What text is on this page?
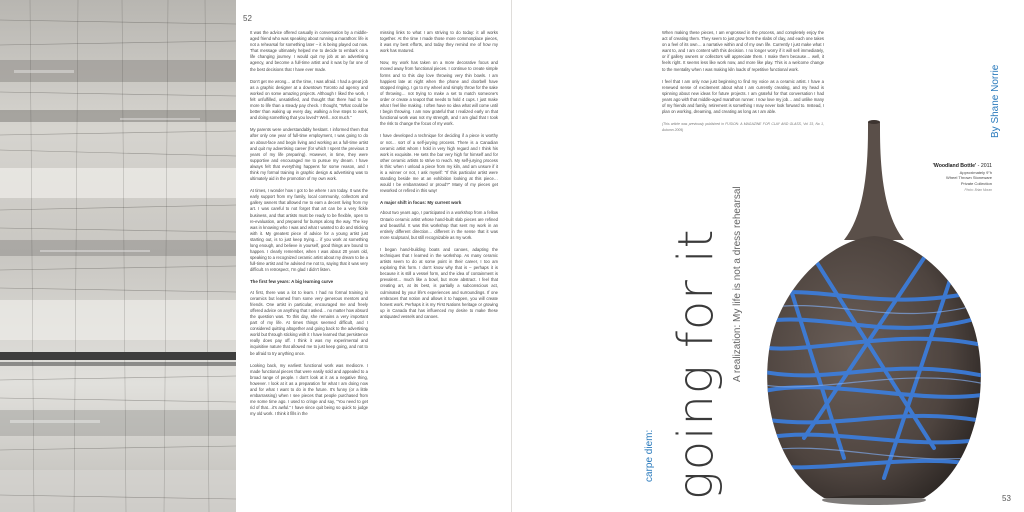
52

It was the advice offered casually in conversation by a middle-aged friend who was speaking about running a marathon: life is not a rehearsal for something later – it is being played out now. That message ultimately helped me to decide to embark on a life changing journey. I would quit my job at an advertising agency, and become a full-time artist and it was by far one of the best decisions that I have ever made.

Don't get me wrong… at the time, I was afraid. I had a great job as a graphic designer at a downtown Toronto ad agency and worked on some amazing projects. Although I liked the work, I felt unfulfilled, unsatisfied, and thought that there had to be more to life than a steady pay check. I thought, "What could be better than waking up every day, walking a few steps to work, and doing something that you loved? Well…not much."

My parents were understandably hesitant. I informed them that after only one year of full-time employment, I was going to do an about-face and begin living and working as a full-time artist and quit my advertising career (for which I spent the previous 3 years of my life preparing). However, in time, they were supportive and encouraged me to pursue my dream. I have always felt that everything happens for some reason, and I think my formal training in graphic design & advertising was to ultimately aid in the promotion of my own work.

At times, I wonder how I got to be where I am today. It was the early support from my family, local community, collectors and gallery owners that allowed me to earn a decent living from my art. I was careful to not forget that art can be a very fickle business, and that artists must be ready to be flexible, open to re-evaluation, and prepared for bumps along the way. The key was in knowing who I was and what I wanted to do and sticking with it. My greatest piece of advice for a young artist just starting out, is to just keep trying… if you work at something long enough, and believe in yourself, good things are bound to happen. I clearly remember, when I was about 20 years old, speaking to a recognized ceramic artist about my dream to be a full-time artist and he advised me not to, saying that it was very difficult. In retrospect, I'm glad I didn't listen.

The first few years: A big learning curve

At first, there was a lot to learn. I had no formal training in ceramics but learned from some very generous mentors and friends. One artist in particular, encouraged me and freely offered advice on anything that I asked… no matter how absurd the question was. To this day, she remains a very important part of my life. At times things seemed difficult, and I considered quitting altogether and going back to the advertising world but through sticking with it I have learned that persistence really does pay off. I think it was my experimental and inquisitive nature that allowed me to just keep going, and not to be afraid to try anything once.

Looking back, my earliest functional work was mediocre. I made functional pieces that were easily sold and appealed to a broad range of people. I don't look at it as a negative thing, however. I look at it as a preparation for what I am doing now and for what I want to do in the future. It's funny (or a little embarrassing) when I see pieces that people purchased from me some time ago. I used to cringe and say, "You need to get rid of that…it's awful." I have since quit being so quick to judge my old work. I think it fills in the

missing links to what I am striving to do today: it all works together. At the time I made those more commonplace pieces, it was my best efforts, and today they remind me of how my work has matured.

Now, my work has taken on a more decorative focus and moved away from functional pieces. I continue to create simple forms and to this day love throwing very thin bowls. I am happiest late at night when the phone and doorbell have stopped ringing. I go to my wheel and simply throw for the sake of throwing… not trying to make a set to match someone's order or create a teapot that needs to hold 4 cups. I just make what I feel like making. I often have no idea what will come until I begin throwing. I am now grateful that I realized early on that functional work was not my strength, and I am glad that I took the risk to change the focus of my work.

I have developed a technique for deciding if a piece is worthy or not… sort of a self-jurying process. There is a Canadian ceramic artist whom I hold in very high regard and I think his work is exquisite. He sets the bar very high for himself and for other ceramic artists to strive to reach. My self-jurying process is this: when I unload a piece from my kiln, and am unsure if it is a winner or not, I ask myself: "If this particular artist were standing beside me at an exhibition looking at this piece… would I be embarrassed or proud?" Many of my pieces get reworked or refired in this way!

A major shift in focus: My current work

About two years ago, I participated in a workshop from a fellow Ontario ceramic artist whose hand-built slab pieces are refined and beautiful. It was this workshop that sent my work in an entirely different direction… different in the sense that it was more sculptural, but still recognizable as my work.

I began hand-building boats and canoes, adapting the techniques that I learned in the workshop. As many ceramic artists seem to do at some point in their career, I too am exploring this form. I don't know why that is – perhaps it is because it is still a vessel form, and the idea of containment is prevalent… much like a bowl, but more abstract. I feel that creating art, at its best, is partially a subconscious act, culminated by your life's experiences and surroundings. If one embraces that notion and allows it to happen, you will create honest work. Perhaps it is my First Nations heritage or growing up in Canada that has influenced my desire to make these antiquated vessels and canoes.

When making these pieces, I am engrossed in the process, and completely enjoy the act of creating them. They seem to just grow from the slabs of clay, and each one takes on a feel of its own… a narrative within and of my own life. Currently I just make what I want to, and I am content with this decision. I no longer worry if it will sell immediately, or if gallery owners or collectors will appreciate them. I make them because… well, it feels right. It seems less like work now, and more like play. This is a welcome change to the mentality when I was making kiln loads of repetitive functional work.

I feel that I am only now just beginning to find my voice as a ceramic artist. I have a renewed sense of excitement about what I am currently creating, and my head is spinning about new ideas for future projects. I am grateful for that conversation I had years ago with that middle-aged marathon runner. I now love my job… and unlike many of my friends and family, retirement is something I may never look forward to. Instead, I plan on working, dreaming, and creating as long as I am able.

(This article was previously published in FUSION: A MAGAZINE FOR CLAY AND GLASS, Vol 33, No 1, Autumn 2009)

53
By Shane Norrie
carpe diem: going for it A realization: My life is not a dress rehearsal
'Woodland Bottle' - 2011
Approximately 9"h
Wheel Thrown Stoneware
Private Collection
Photo: Brian Moran
